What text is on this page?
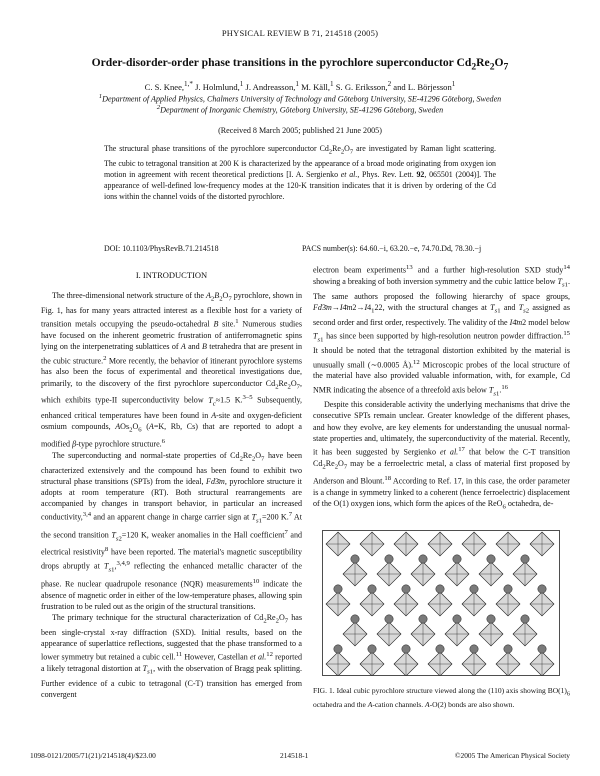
PHYSICAL REVIEW B 71, 214518 (2005)
Order-disorder-order phase transitions in the pyrochlore superconductor $Cd_2Re_2O_7$
C. S. Knee,$^{1,*}$ J. Holmlund,$^1$ J. Andreasson,$^1$ M. Käll,$^1$ S. G. Eriksson,$^2$ and L. Börjesson$^1$
$^1$Department of Applied Physics, Chalmers University of Technology and Göteborg University, SE-41296 Göteborg, Sweden
$^2$Department of Inorganic Chemistry, Göteborg University, SE-41296 Göteborg, Sweden
(Received 8 March 2005; published 21 June 2005)
The structural phase transitions of the pyrochlore superconductor $Cd_2Re_2O_7$ are investigated by Raman light scattering. The cubic to tetragonal transition at 200 K is characterized by the appearance of a broad mode originating from oxygen ion motion in agreement with recent theoretical predictions [I. A. Sergienko et al., Phys. Rev. Lett. 92, 065501 (2004)]. The appearance of well-defined low-frequency modes at the 120-K transition indicates that it is driven by ordering of the Cd ions within the channel voids of the distorted pyrochlore.
DOI: 10.1103/PhysRevB.71.214518	PACS number(s): 64.60.−i, 63.20.−e, 74.70.Dd, 78.30.−j
I. INTRODUCTION

The three-dimensional network structure of the $A_2B_2O_7$ pyrochlore, shown in Fig. 1, has for many years attracted interest as a flexible host for a variety of transition metals occupying the pseudo-octahedral B site.$^1$ Numerous studies have focused on the inherent geometric frustration of antiferromagnetic spins lying on the interpenetrating sublattices of A and B tetrahedra that are present in the cubic structure.$^2$ More recently, the behavior of itinerant pyrochlore systems has also been the focus of experimental and theoretical investigations due, primarily, to the discovery of the first pyrochlore superconductor $Cd_2Re_2O_7$, which exhibits type-II superconductivity below $T_c\approx 1.5$ K.$^{3-5}$ Subsequently, enhanced critical temperatures have been found in A-site and oxygen-deficient osmium compounds, $AOs_2O_6$ (A=K, Rb, Cs) that are reported to adopt a modified β-type pyrochlore structure.$^6$

The superconducting and normal-state properties of $Cd_2Re_2O_7$ have been characterized extensively and the compound has been found to exhibit two structural phase transitions (SPTs) from the ideal, Fd3̄m, pyrochlore structure it adopts at room temperature (RT). Both structural rearrangements are accompanied by changes in transport behavior, in particular an increased conductivity,$^{3,4}$ and an apparent change in charge carrier sign at $T_{s1}=200$ K.$^7$ At the second transition $T_{s2}=120$ K, weaker anomalies in the Hall coefficient$^7$ and electrical resistivity$^8$ have been reported. The material's magnetic susceptibility drops abruptly at $T_{s1},^{3,4,9}$ reflecting the enhanced metallic character of the phase. Re nuclear quadrupole resonance (NQR) measurements$^{10}$ indicate the absence of magnetic order in either of the low-temperature phases, allowing spin frustration to be ruled out as the origin of the structural transitions.

The primary technique for the structural characterization of $Cd_2Re_2O_7$ has been single-crystal x-ray diffraction (SXD). Initial results, based on the appearance of superlattice reflections, suggested that the phase transformed to a lower symmetry but retained a cubic cell.$^{11}$ However, Castellan et al.$^{12}$ reported a likely tetragonal distortion at $T_{s1}$, with the observation of Bragg peak splitting. Further evidence of a cubic to tetragonal (C-T) transition has emerged from convergent

electron beam experiments$^{13}$ and a further high-resolution SXD study$^{14}$ showing a breaking of both inversion symmetry and the cubic lattice below $T_{s1}$. The same authors proposed the following hierarchy of space groups, $Fd3̄m\to I4̄m2\to I4_122$, with the structural changes at $T_{s1}$ and $T_{s2}$ assigned as second order and first order, respectively. The validity of the I4̄m2 model below $T_{s1}$ has since been supported by high-resolution neutron powder diffraction.$^{15}$ It should be noted that the tetragonal distortion exhibited by the material is unusually small (∼0.0005 Å).$^{12}$ Microscopic probes of the local structure of the material have also provided valuable information, with, for example, Cd NMR indicating the absence of a threefold axis below $T_{s1}.^{16}$

Despite this considerable activity the underlying mechanisms that drive the consecutive SPTs remain unclear. Greater knowledge of the different phases, and how they evolve, are key elements for understanding the unusual normal-state properties and, ultimately, the superconductivity of the material. Recently, it has been suggested by Sergienko et al.$^{17}$ that below the C-T transition $Cd_2Re_2O_7$ may be a ferroelectric metal, a class of material first proposed by Anderson and Blount.$^{18}$ According to Ref. 17, in this case, the order parameter is a change in symmetry linked to a coherent (hence ferroelectric) displacement of the O(1) oxygen ions, which form the apices of the ReO$_6$ octahedra, de-

FIG. 1. Ideal cubic pyrochlore structure viewed along the (110) axis showing $BO(1)_6$ octahedra and the A-cation channels. A-O(2) bonds are also shown.
1098-0121/2005/71(21)/214518(4)/$23.00	214518-1	©2005 The American Physical Society
